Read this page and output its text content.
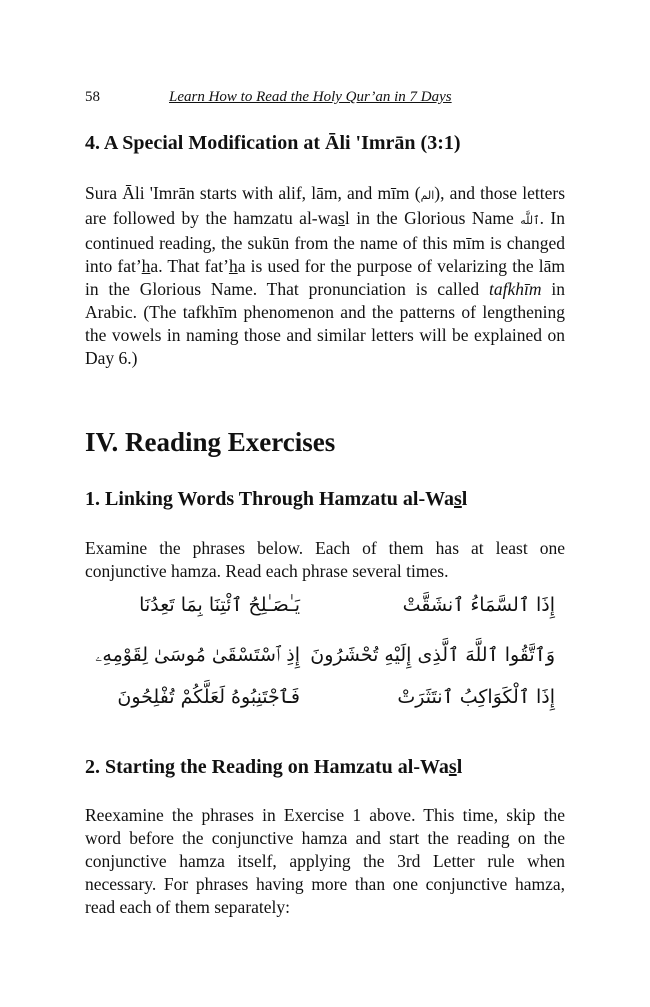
58	Learn How to Read the Holy Qur’an in 7 Days
4. A Special Modification at Āli 'Imrān (3:1)

Sura Āli 'Imrān starts with alif, lām, and mīm (الم), and those letters are followed by the hamzatu al-wasl in the Glorious Name ٱللَّه. In continued reading, the sukūn from the name of this mīm is changed into fat’ha. That fat’ha is used for the purpose of velarizing the lām in the Glorious Name. That pronunciation is called tafkhīm in Arabic. (The tafkhīm phenomenon and the patterns of lengthening the vowels in naming those and similar letters will be explained on Day 6.)

IV. Reading Exercises
1. Linking Words Through Hamzatu al-Wasl

Examine the phrases below. Each of them has at least one conjunctive hamza. Read each phrase several times.

2. Starting the Reading on Hamzatu al-Wasl

Reexamine the phrases in Exercise 1 above. This time, skip the word before the conjunctive hamza and start the reading on the conjunctive hamza itself, applying the 3rd Letter rule when necessary. For phrases having more than one conjunctive hamza, read each of them separately:

إِذَا ٱلسَّمَاءُ ٱنشَقَّتْ
يَـٰصَـٰلِحُ ٱئْتِنَا بِمَا تَعِدُنَا
وَٱتَّقُوا ٱللَّهَ ٱلَّذِى إِلَيْهِ تُحْشَرُونَ
إِذِ ٱسْتَسْقَىٰ مُوسَىٰ لِقَوْمِهِۦ
إِذَا ٱلْكَوَاكِبُ ٱنتَثَرَتْ
فَٱجْتَنِبُوهُ لَعَلَّكُمْ تُفْلِحُونَ
